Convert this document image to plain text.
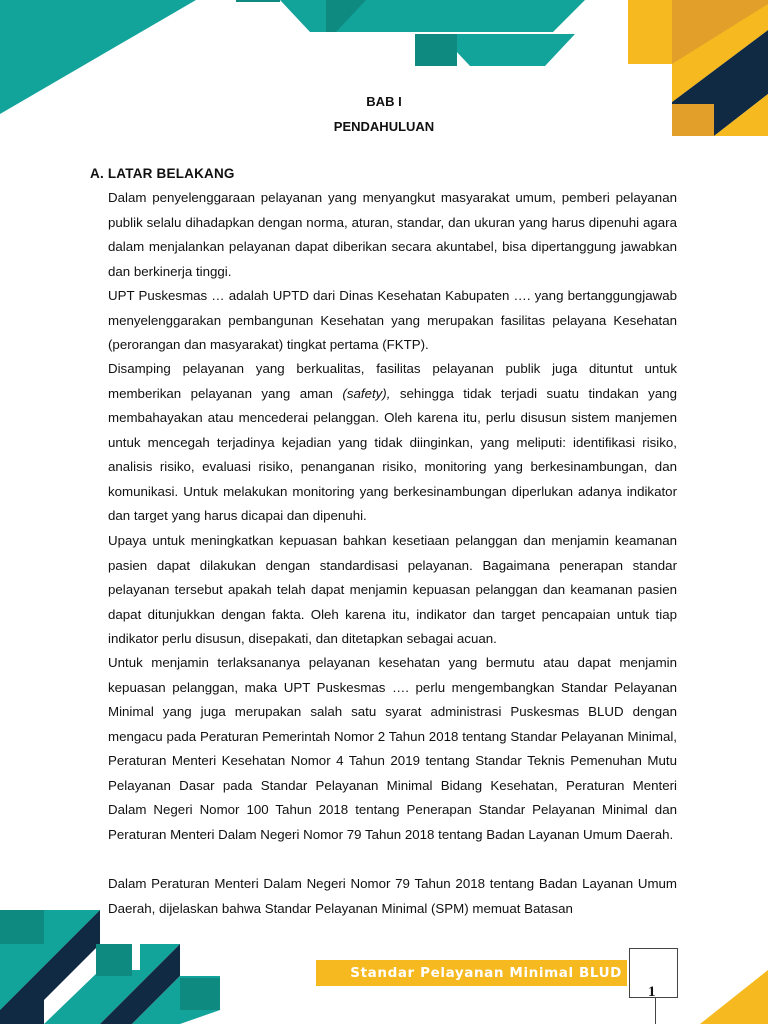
BAB I
PENDAHULUAN
A. LATAR BELAKANG

Dalam penyelenggaraan pelayanan yang menyangkut masyarakat umum, pemberi pelayanan publik selalu dihadapkan dengan norma, aturan, standar, dan ukuran yang harus dipenuhi agara dalam menjalankan pelayanan dapat diberikan secara akuntabel, bisa dipertanggung jawabkan dan berkinerja tinggi.

UPT Puskesmas … adalah UPTD dari Dinas Kesehatan Kabupaten …. yang bertanggungjawab menyelenggarakan pembangunan Kesehatan yang merupakan fasilitas pelayana Kesehatan (perorangan dan masyarakat) tingkat pertama (FKTP).

Disamping pelayanan yang berkualitas, fasilitas pelayanan publik juga dituntut untuk memberikan pelayanan yang aman (safety), sehingga tidak terjadi suatu tindakan yang membahayakan atau mencederai pelanggan. Oleh karena itu, perlu disusun sistem manjemen untuk mencegah terjadinya kejadian yang tidak diinginkan, yang meliputi: identifikasi risiko, analisis risiko, evaluasi risiko, penanganan risiko, monitoring yang berkesinambungan, dan komunikasi. Untuk melakukan monitoring yang berkesinambungan diperlukan adanya indikator dan target yang harus dicapai dan dipenuhi.

Upaya untuk meningkatkan kepuasan bahkan kesetiaan pelanggan dan menjamin keamanan pasien dapat dilakukan dengan standardisasi pelayanan. Bagaimana penerapan standar pelayanan tersebut apakah telah dapat menjamin kepuasan pelanggan dan keamanan pasien dapat ditunjukkan dengan fakta. Oleh karena itu, indikator dan target pencapaian untuk tiap indikator perlu disusun, disepakati, dan ditetapkan sebagai acuan.

Untuk menjamin terlaksananya pelayanan kesehatan yang bermutu atau dapat menjamin kepuasan pelanggan, maka UPT Puskesmas …. perlu mengembangkan Standar Pelayanan Minimal yang juga merupakan salah satu syarat administrasi Puskesmas BLUD dengan mengacu pada Peraturan Pemerintah Nomor 2 Tahun 2018 tentang Standar Pelayanan Minimal, Peraturan Menteri Kesehatan Nomor 4 Tahun 2019 tentang Standar Teknis Pemenuhan Mutu Pelayanan Dasar pada Standar Pelayanan Minimal Bidang Kesehatan, Peraturan Menteri Dalam Negeri Nomor 100 Tahun 2018 tentang Penerapan Standar Pelayanan Minimal dan Peraturan Menteri Dalam Negeri Nomor 79 Tahun 2018 tentang Badan Layanan Umum Daerah.

Dalam Peraturan Menteri Dalam Negeri Nomor 79 Tahun 2018 tentang Badan Layanan Umum Daerah, dijelaskan bahwa Standar Pelayanan Minimal (SPM) memuat Batasan

Standar Pelayanan Minimal BLUD
1
